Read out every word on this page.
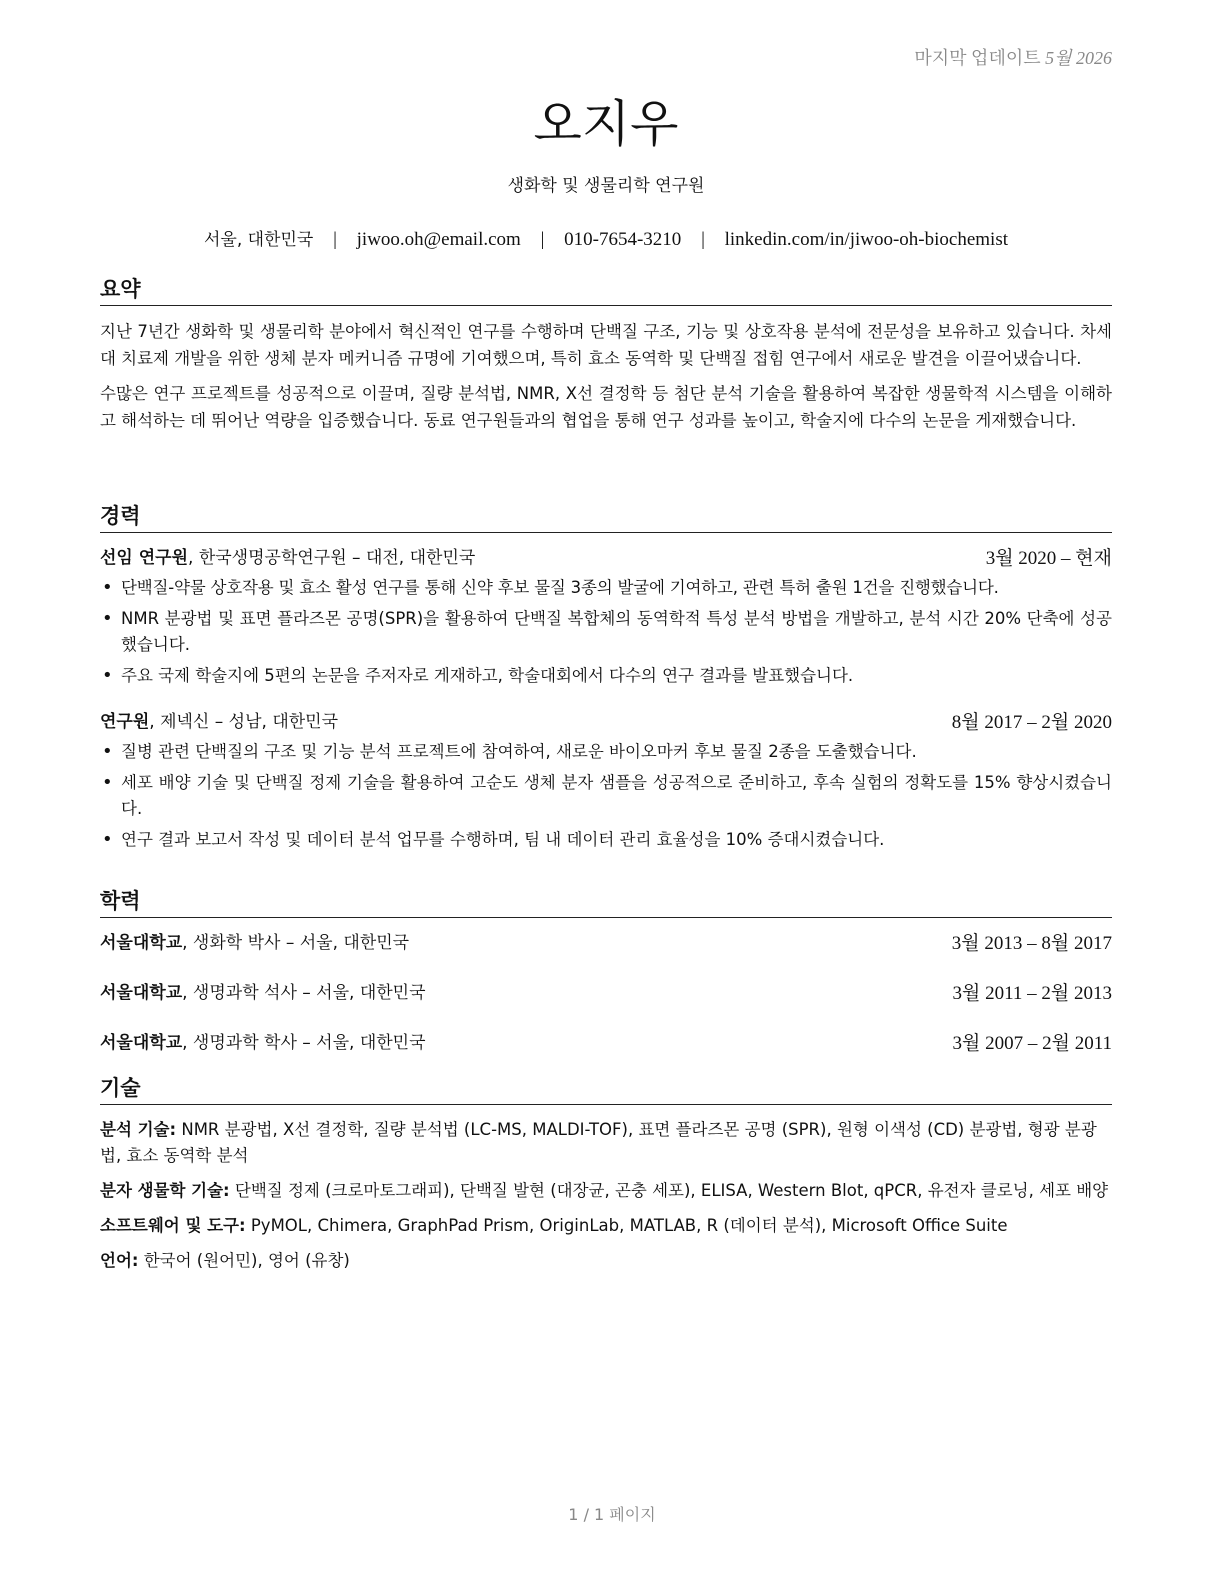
마지막 업데이트 5월 2026
오지우
생화학 및 생물리학 연구원
서울, 대한민국 | jiwoo.oh@email.com | 010-7654-3210 | linkedin.com/in/jiwoo-oh-biochemist
요약

지난 7년간 생화학 및 생물리학 분야에서 혁신적인 연구를 수행하며 단백질 구조, 기능 및 상호작용 분석에 전문성을 보유하고 있습니다. 차세대 치료제 개발을 위한 생체 분자 메커니즘 규명에 기여했으며, 특히 효소 동역학 및 단백질 접힘 연구에서 새로운 발견을 이끌어냈습니다.

수많은 연구 프로젝트를 성공적으로 이끌며, 질량 분석법, NMR, X선 결정학 등 첨단 분석 기술을 활용하여 복잡한 생물학적 시스템을 이해하고 해석하는 데 뛰어난 역량을 입증했습니다. 동료 연구원들과의 협업을 통해 연구 성과를 높이고, 학술지에 다수의 논문을 게재했습니다.

경력
선임 연구원, 한국생명공학연구원 – 대전, 대한민국	3월 2020 – 현재
• 단백질-약물 상호작용 및 효소 활성 연구를 통해 신약 후보 물질 3종의 발굴에 기여하고, 관련 특허 출원 1건을 진행했습니다.
• NMR 분광법 및 표면 플라즈몬 공명(SPR)을 활용하여 단백질 복합체의 동역학적 특성 분석 방법을 개발하고, 분석 시간 20% 단축에 성공했습니다.
• 주요 국제 학술지에 5편의 논문을 주저자로 게재하고, 학술대회에서 다수의 연구 결과를 발표했습니다.
연구원, 제넥신 – 성남, 대한민국	8월 2017 – 2월 2020
• 질병 관련 단백질의 구조 및 기능 분석 프로젝트에 참여하여, 새로운 바이오마커 후보 물질 2종을 도출했습니다.
• 세포 배양 기술 및 단백질 정제 기술을 활용하여 고순도 생체 분자 샘플을 성공적으로 준비하고, 후속 실험의 정확도를 15% 향상시켰습니다.
• 연구 결과 보고서 작성 및 데이터 분석 업무를 수행하며, 팀 내 데이터 관리 효율성을 10% 증대시켰습니다.
학력
서울대학교, 생화학 박사 – 서울, 대한민국	3월 2013 – 8월 2017
서울대학교, 생명과학 석사 – 서울, 대한민국	3월 2011 – 2월 2013
서울대학교, 생명과학 학사 – 서울, 대한민국	3월 2007 – 2월 2011
기술
분석 기술: NMR 분광법, X선 결정학, 질량 분석법 (LC-MS, MALDI-TOF), 표면 플라즈몬 공명 (SPR), 원형 이색성 (CD) 분광법, 형광 분광법, 효소 동역학 분석
분자 생물학 기술: 단백질 정제 (크로마토그래피), 단백질 발현 (대장균, 곤충 세포), ELISA, Western Blot, qPCR, 유전자 클로닝, 세포 배양
소프트웨어 및 도구: PyMOL, Chimera, GraphPad Prism, OriginLab, MATLAB, R (데이터 분석), Microsoft Office Suite
언어: 한국어 (원어민), 영어 (유창)
1 / 1 페이지
